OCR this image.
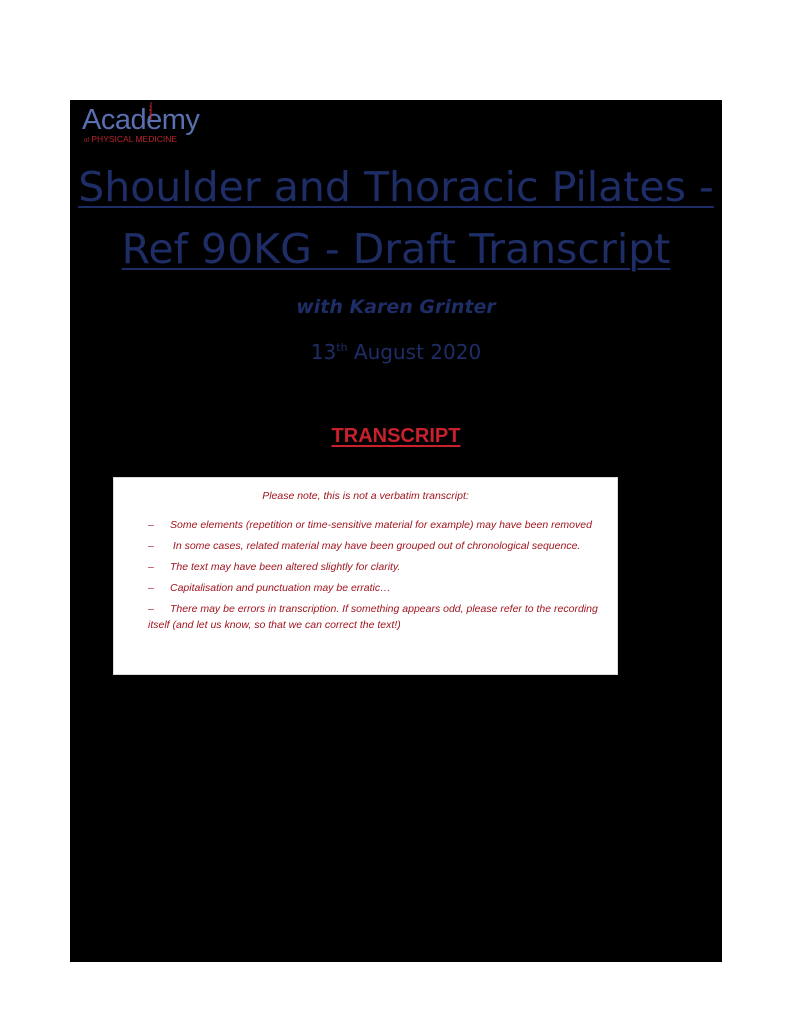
Academy
of PHYSICAL MEDICINE
Shoulder and Thoracic Pilates -
Ref 90KG - Draft Transcript
with Karen Grinter
13th August 2020
TRANSCRIPT

Please note, this is not a verbatim transcript:

– Some elements (repetition or time-sensitive material for example) may have been removed
– In some cases, related material may have been grouped out of chronological sequence.
– The text may have been altered slightly for clarity.
– Capitalisation and punctuation may be erratic…
– There may be errors in transcription. If something appears odd, please refer to the recording itself (and let us know, so that we can correct the text!)
